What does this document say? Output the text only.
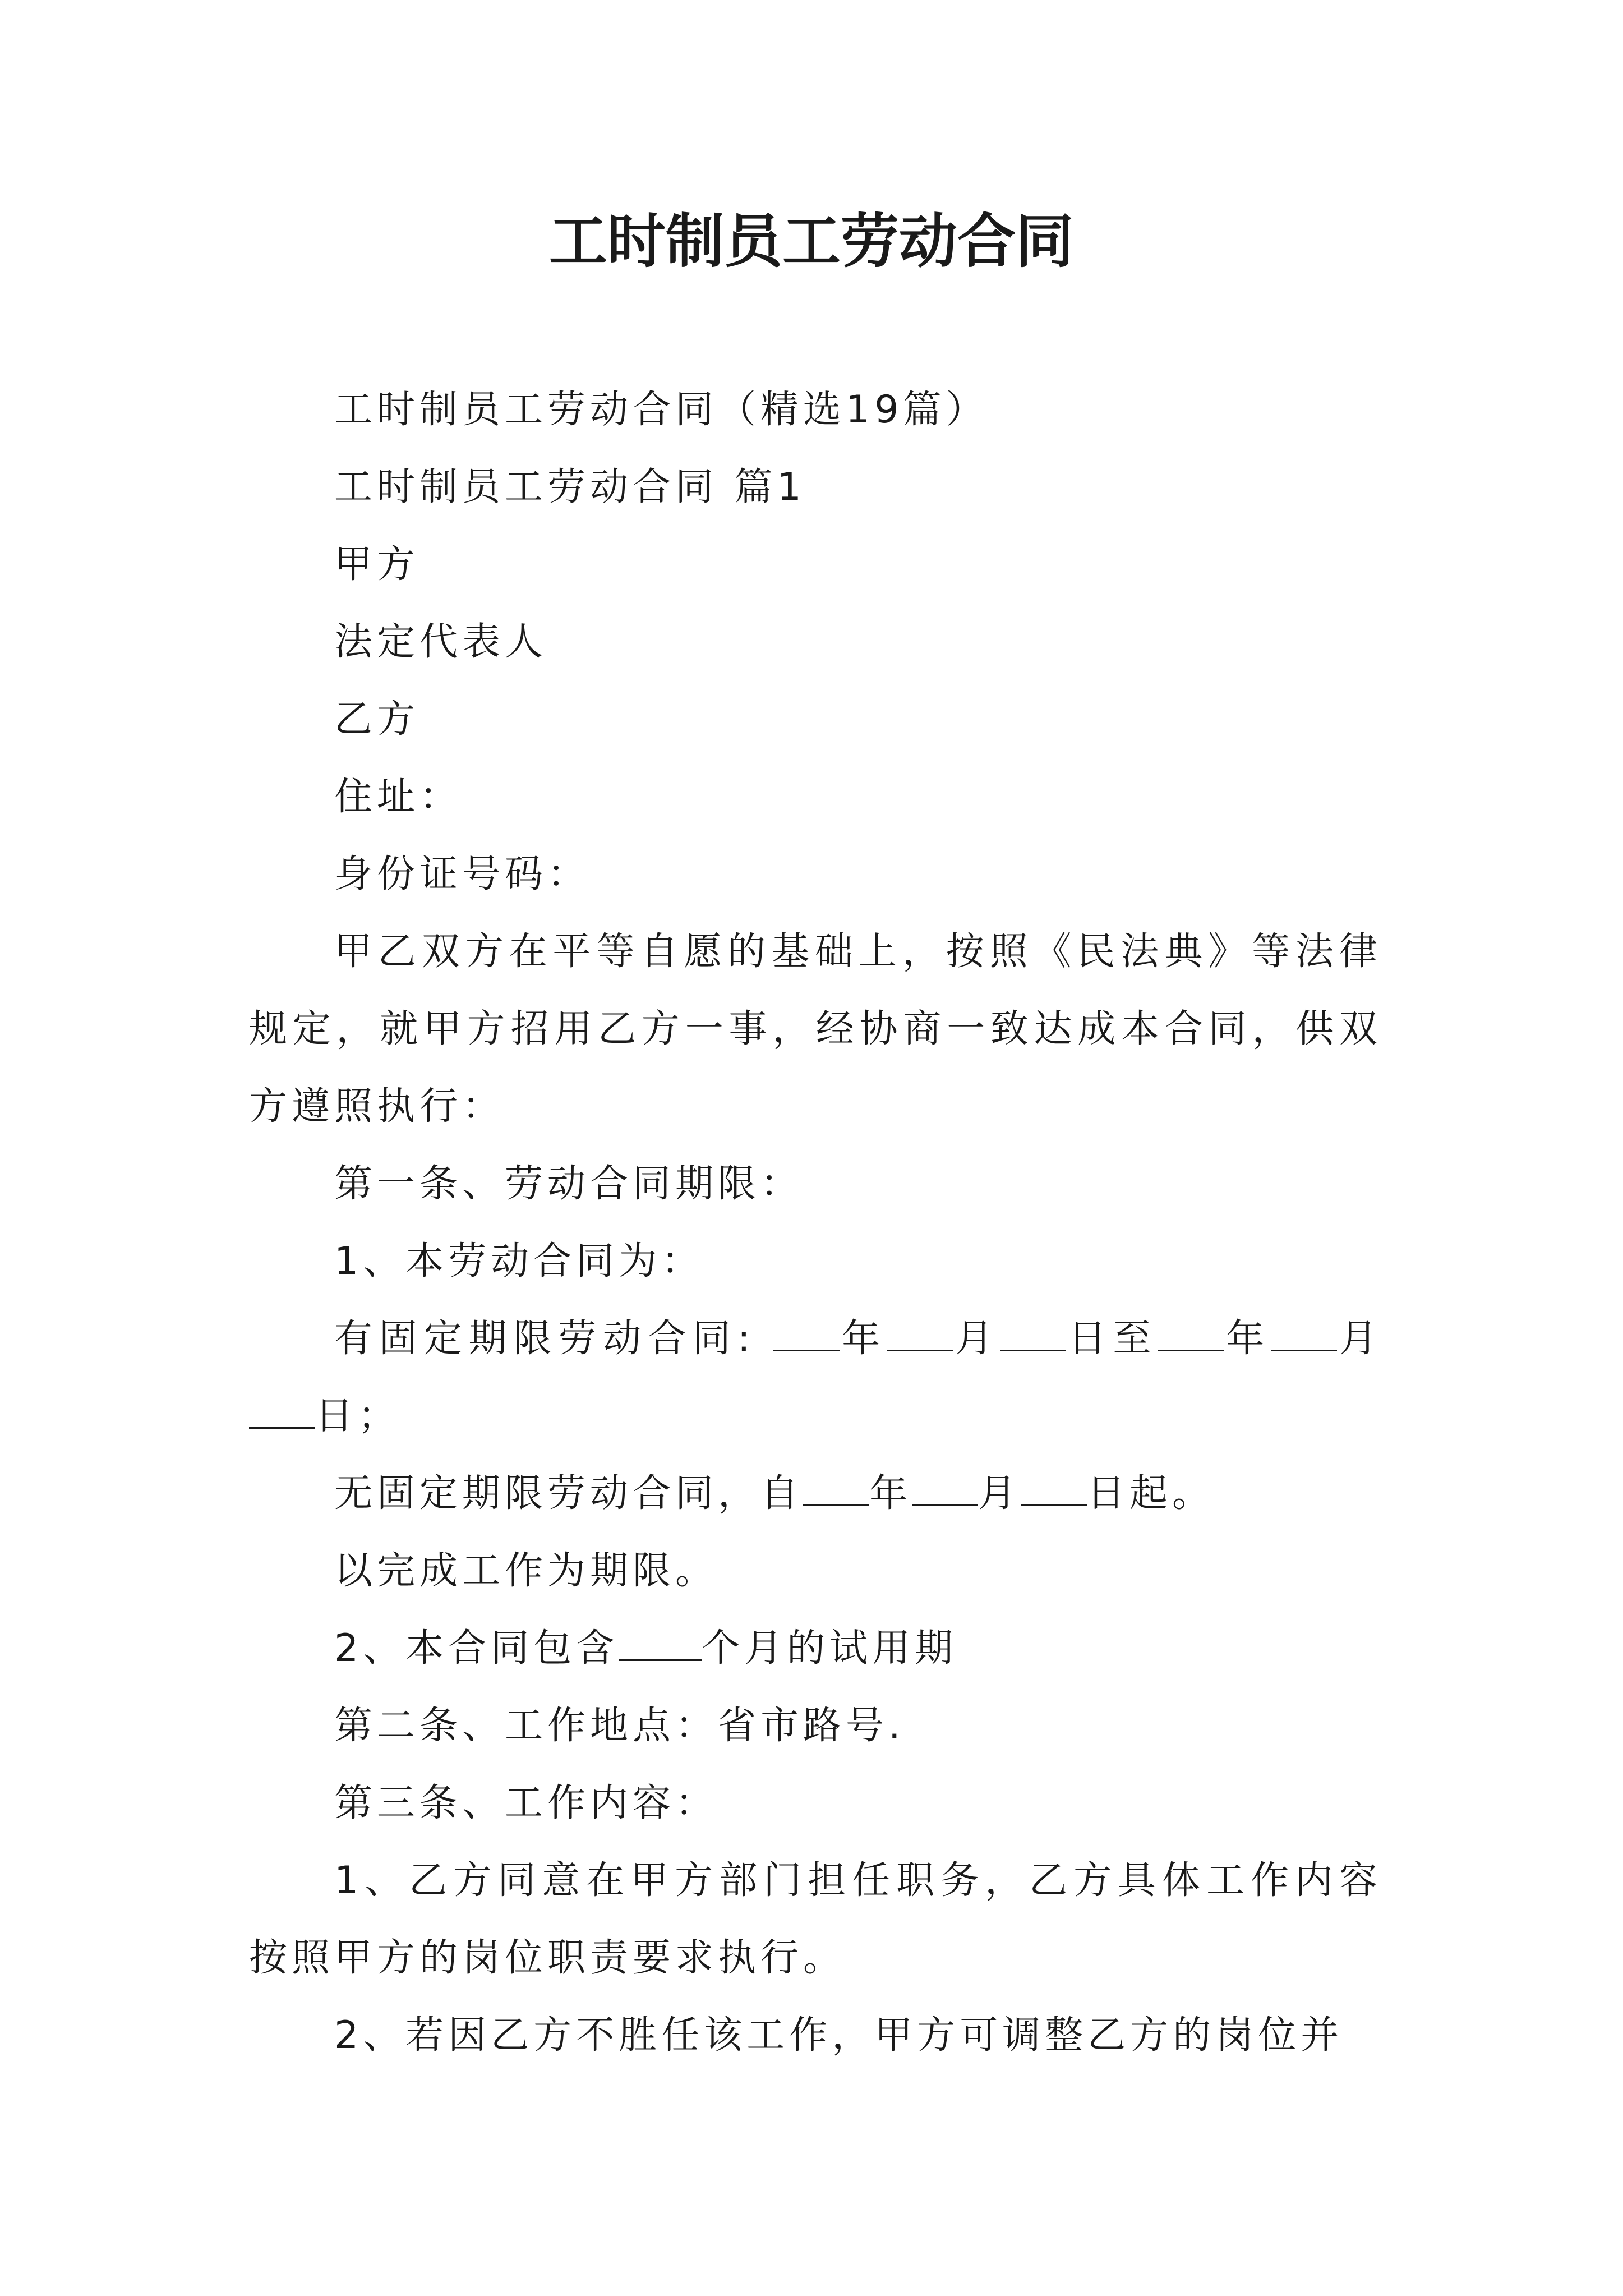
工时制员工劳动合同

工时制员工劳动合同（精选19篇）

工时制员工劳动合同 篇1

甲方

法定代表人

乙方

住址：

身份证号码：

甲乙双方在平等自愿的基础上，按照《民法典》等法律规定，就甲方招用乙方一事，经协商一致达成本合同，供双方遵照执行：

第一条、劳动合同期限：

1、本劳动合同为：

有固定期限劳动合同: 年 月 日至 年 月日；

无固定期限劳动合同，自 年 月 日起。

以完成工作为期限。

2、本合同包含 个月的试用期

第二条、工作地点：省市路号.

第三条、工作内容：

1、乙方同意在甲方部门担任职务，乙方具体工作内容按照甲方的岗位职责要求执行。

2、若因乙方不胜任该工作，甲方可调整乙方的岗位并
